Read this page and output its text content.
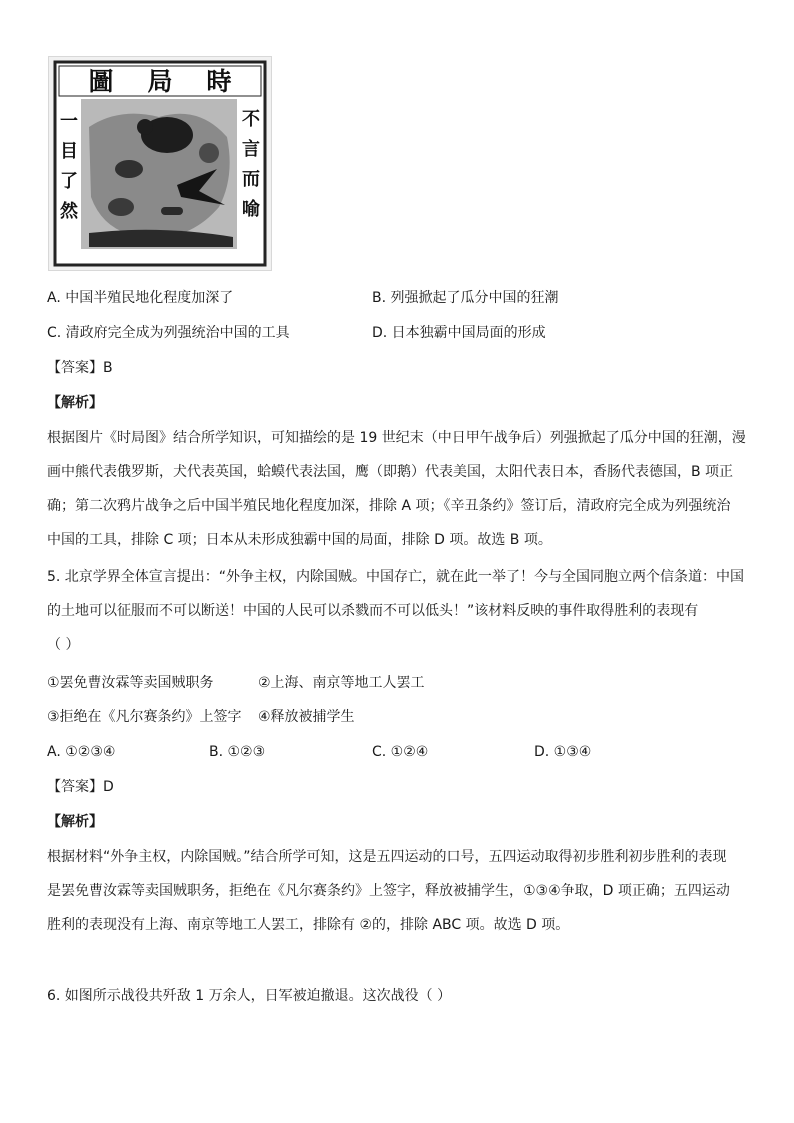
圖 局 時
不
言
而
喻
一
目
了
然
A. 中国半殖民地化程度加深了	B. 列强掀起了瓜分中国的狂潮
C. 清政府完全成为列强统治中国的工具	D. 日本独霸中国局面的形成
【答案】B
【解析】
根据图片《时局图》结合所学知识，可知描绘的是 19 世纪末（中日甲午战争后）列强掀起了瓜分中国的狂潮，漫
画中熊代表俄罗斯，犬代表英国，蛤蟆代表法国，鹰（即鹅）代表美国，太阳代表日本，香肠代表德国，B 项正
确；第二次鸦片战争之后中国半殖民地化程度加深，排除 A 项；《辛丑条约》签订后，清政府完全成为列强统治
中国的工具，排除 C 项；日本从未形成独霸中国的局面，排除 D 项。故选 B 项。
5. 北京学界全体宣言提出：“外争主权，内除国贼。中国存亡，就在此一举了！今与全国同胞立两个信条道：中国
的土地可以征服而不可以断送！中国的人民可以杀戮而不可以低头！”该材料反映的事件取得胜利的表现有
（ ）
①罢免曹汝霖等卖国贼职务	②上海、南京等地工人罢工
③拒绝在《凡尔赛条约》上签字 ④释放被捕学生
A. ①②③④	B. ①②③	C. ①②④	D. ①③④
【答案】D
【解析】
根据材料“外争主权，内除国贼。”结合所学可知，这是五四运动的口号，五四运动取得初步胜利初步胜利的表现
是罢免曹汝霖等卖国贼职务，拒绝在《凡尔赛条约》上签字，释放被捕学生，①③④争取，D 项正确；五四运动
胜利的表现没有上海、南京等地工人罢工，排除有 ②的，排除 ABC 项。故选 D 项。
6. 如图所示战役共歼敌 1 万余人，日军被迫撤退。这次战役（ ）
